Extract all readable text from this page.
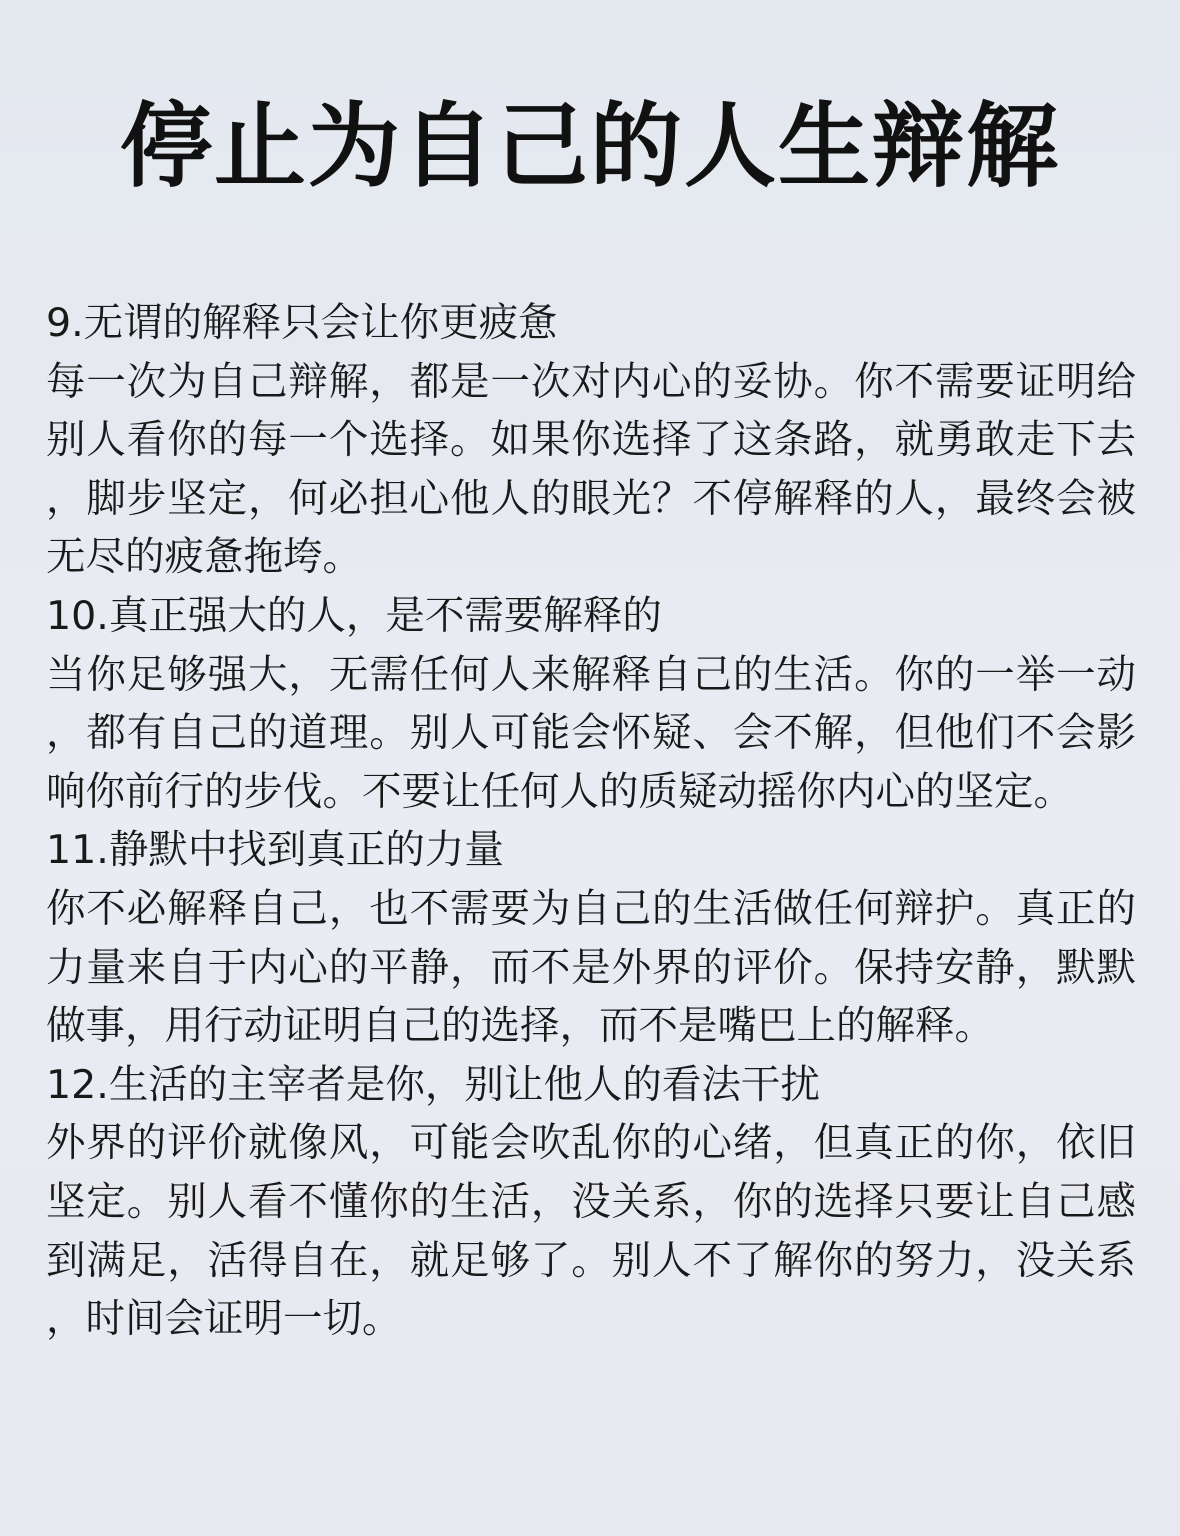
停止为自己的人生辩解

9.无谓的解释只会让你更疲惫

每一次为自己辩解，都是一次对内心的妥协。你不需要证明给别人看你的每一个选择。如果你选择了这条路，就勇敢走下去，脚步坚定，何必担心他人的眼光？不停解释的人，最终会被无尽的疲惫拖垮。

10.真正强大的人，是不需要解释的

当你足够强大，无需任何人来解释自己的生活。你的一举一动，都有自己的道理。别人可能会怀疑、会不解，但他们不会影响你前行的步伐。不要让任何人的质疑动摇你内心的坚定。

11.静默中找到真正的力量

你不必解释自己，也不需要为自己的生活做任何辩护。真正的力量来自于内心的平静，而不是外界的评价。保持安静，默默做事，用行动证明自己的选择，而不是嘴巴上的解释。

12.生活的主宰者是你，别让他人的看法干扰

外界的评价就像风，可能会吹乱你的心绪，但真正的你，依旧坚定。别人看不懂你的生活，没关系，你的选择只要让自己感到满足，活得自在，就足够了。别人不了解你的努力，没关系，时间会证明一切。
